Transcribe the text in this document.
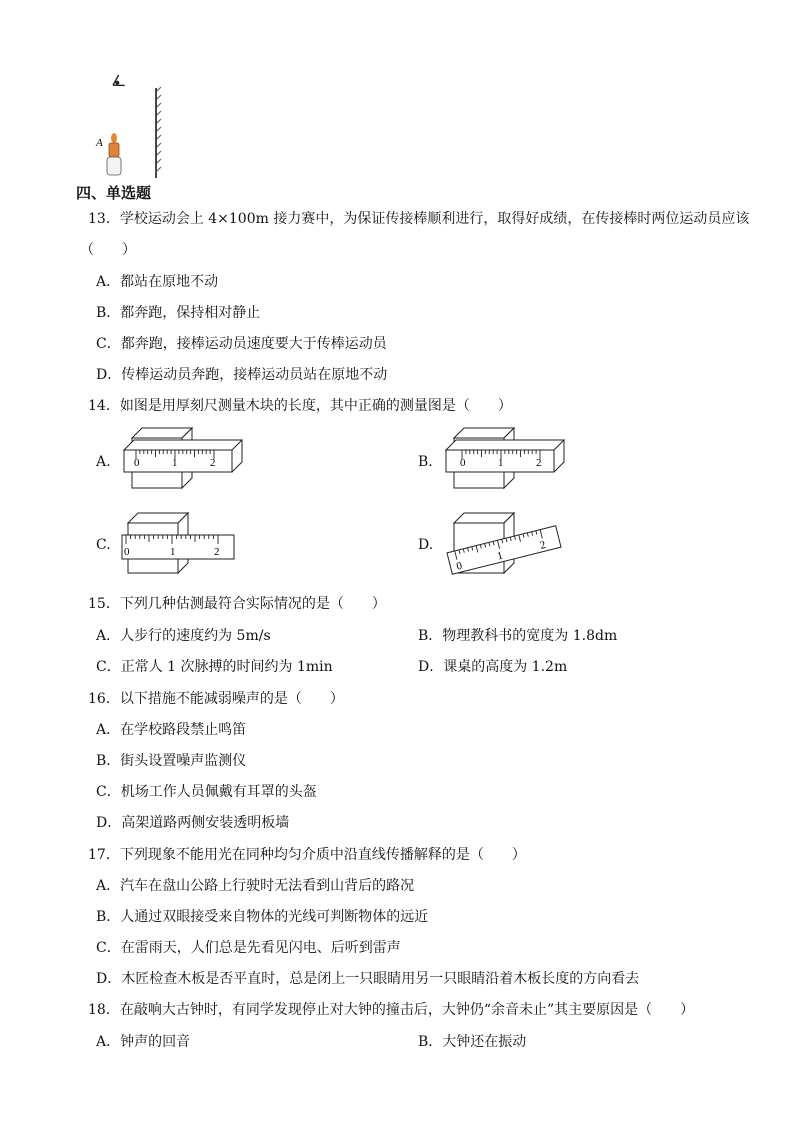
A
四、单选题
13．学校运动会上 4×100m 接力赛中，为保证传接棒顺利进行，取得好成绩，在传接棒时两位运动员应该
（　　）
A．都站在原地不动
B．都奔跑，保持相对静止
C．都奔跑，接棒运动员速度要大于传棒运动员
D．传棒运动员奔跑，接棒运动员站在原地不动
14．如图是用厚刻尺测量木块的长度，其中正确的测量图是（　　）
A. 0	1	2	B. 0	1	2
C. 0	1	2	D.
0
1
2
15．下列几种估测最符合实际情况的是（　　）
A．人步行的速度约为 5m/s	B．物理教科书的宽度为 1.8dm
C．正常人 1 次脉搏的时间约为 1min	D．课桌的高度为 1.2m
16．以下措施不能减弱噪声的是（　　）
A．在学校路段禁止鸣笛
B．街头设置噪声监测仪
C．机场工作人员佩戴有耳罩的头盔
D．高架道路两侧安装透明板墙
17．下列现象不能用光在同种均匀介质中沿直线传播解释的是（　　）
A．汽车在盘山公路上行驶时无法看到山背后的路况
B．人通过双眼接受来自物体的光线可判断物体的远近
C．在雷雨天，人们总是先看见闪电、后听到雷声
D．木匠检查木板是否平直时，总是闭上一只眼睛用另一只眼睛沿着木板长度的方向看去
18．在敲响大古钟时，有同学发现停止对大钟的撞击后，大钟仍“余音未止”其主要原因是（　　）
A．钟声的回音	B．大钟还在振动
